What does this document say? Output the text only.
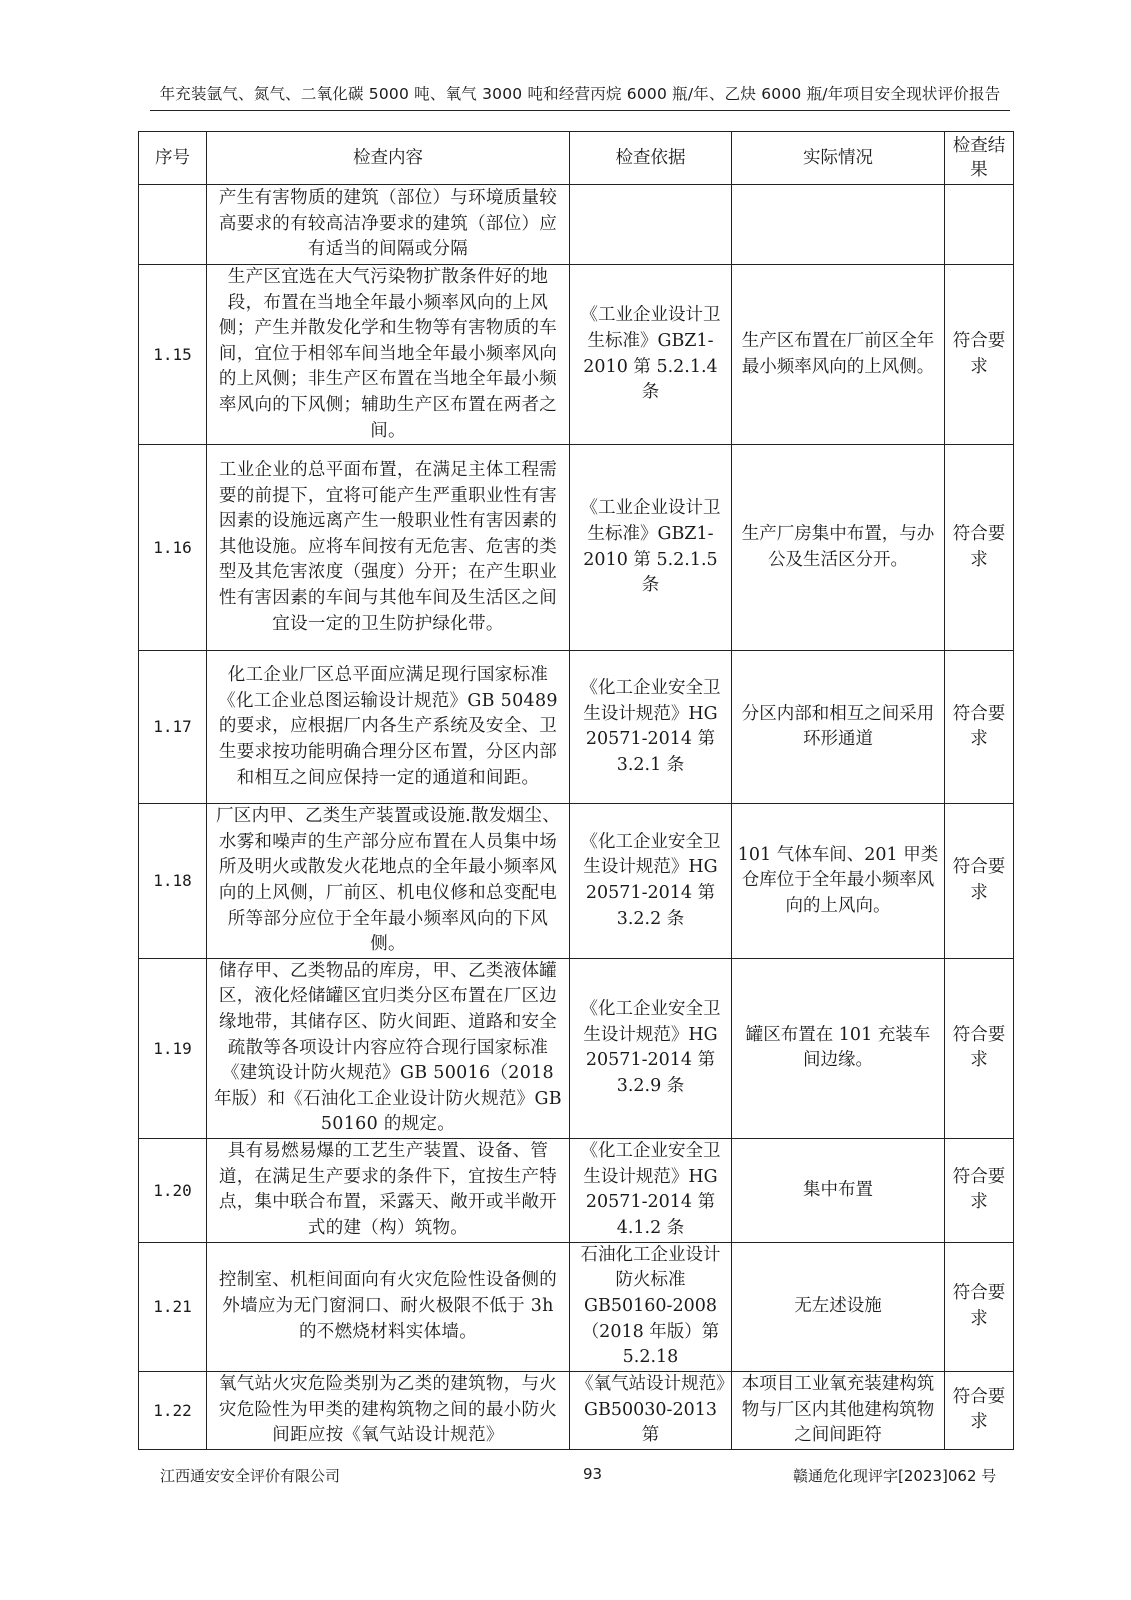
年充装氩气、氮气、二氧化碳 5000 吨、氧气 3000 吨和经营丙烷 6000 瓶/年、乙炔 6000 瓶/年项目安全现状评价报告
序号	检查内容	检查依据	实际情况	检查结果
	产生有害物质的建筑（部位）与环境质量较高要求的有较高洁净要求的建筑（部位）应有适当的间隔或分隔			
1.15	生产区宜选在大气污染物扩散条件好的地段，布置在当地全年最小频率风向的上风侧；产生并散发化学和生物等有害物质的车间，宜位于相邻车间当地全年最小频率风向的上风侧；非生产区布置在当地全年最小频率风向的下风侧；辅助生产区布置在两者之间。	《工业企业设计卫生标准》GBZ1-2010 第 5.2.1.4 条	生产区布置在厂前区全年最小频率风向的上风侧。	符合要求
1.16	工业企业的总平面布置，在满足主体工程需要的前提下，宜将可能产生严重职业性有害因素的设施远离产生一般职业性有害因素的其他设施。应将车间按有无危害、危害的类型及其危害浓度（强度）分开；在产生职业性有害因素的车间与其他车间及生活区之间宜设一定的卫生防护绿化带。	《工业企业设计卫生标准》GBZ1-2010 第 5.2.1.5 条	生产厂房集中布置，与办公及生活区分开。	符合要求
1.17	化工企业厂区总平面应满足现行国家标准《化工企业总图运输设计规范》GB 50489 的要求，应根据厂内各生产系统及安全、卫生要求按功能明确合理分区布置，分区内部和相互之间应保持一定的通道和间距。	《化工企业安全卫生设计规范》HG 20571-2014 第 3.2.1 条	分区内部和相互之间采用环形通道	符合要求
1.18	厂区内甲、乙类生产装置或设施.散发烟尘、水雾和噪声的生产部分应布置在人员集中场所及明火或散发火花地点的全年最小频率风向的上风侧，厂前区、机电仪修和总变配电所等部分应位于全年最小频率风向的下风侧。	《化工企业安全卫生设计规范》HG 20571-2014 第 3.2.2 条	101 气体车间、201 甲类仓库位于全年最小频率风向的上风向。	符合要求
1.19	储存甲、乙类物品的库房，甲、乙类液体罐区，液化烃储罐区宜归类分区布置在厂区边缘地带，其储存区、防火间距、道路和安全疏散等各项设计内容应符合现行国家标准《建筑设计防火规范》GB 50016（2018 年版）和《石油化工企业设计防火规范》GB 50160 的规定。	《化工企业安全卫生设计规范》HG 20571-2014 第 3.2.9 条	罐区布置在 101 充装车间边缘。	符合要求
1.20	具有易燃易爆的工艺生产装置、设备、管道，在满足生产要求的条件下，宜按生产特点，集中联合布置，采露天、敞开或半敞开式的建（构）筑物。	《化工企业安全卫生设计规范》HG 20571-2014 第 4.1.2 条	集中布置	符合要求
1.21	控制室、机柜间面向有火灾危险性设备侧的外墙应为无门窗洞口、耐火极限不低于 3h 的不燃烧材料实体墙。	石油化工企业设计防火标准 GB50160-2008（2018 年版）第 5.2.18	无左述设施	符合要求
1.22	氧气站火灾危险类别为乙类的建筑物，与火灾危险性为甲类的建构筑物之间的最小防火间距应按《氧气站设计规范》	《氧气站设计规范》GB50030-2013 第	本项目工业氧充装建构筑物与厂区内其他建构筑物之间间距符	符合要求
江西通安安全评价有限公司	93	赣通危化现评字[2023]062 号
